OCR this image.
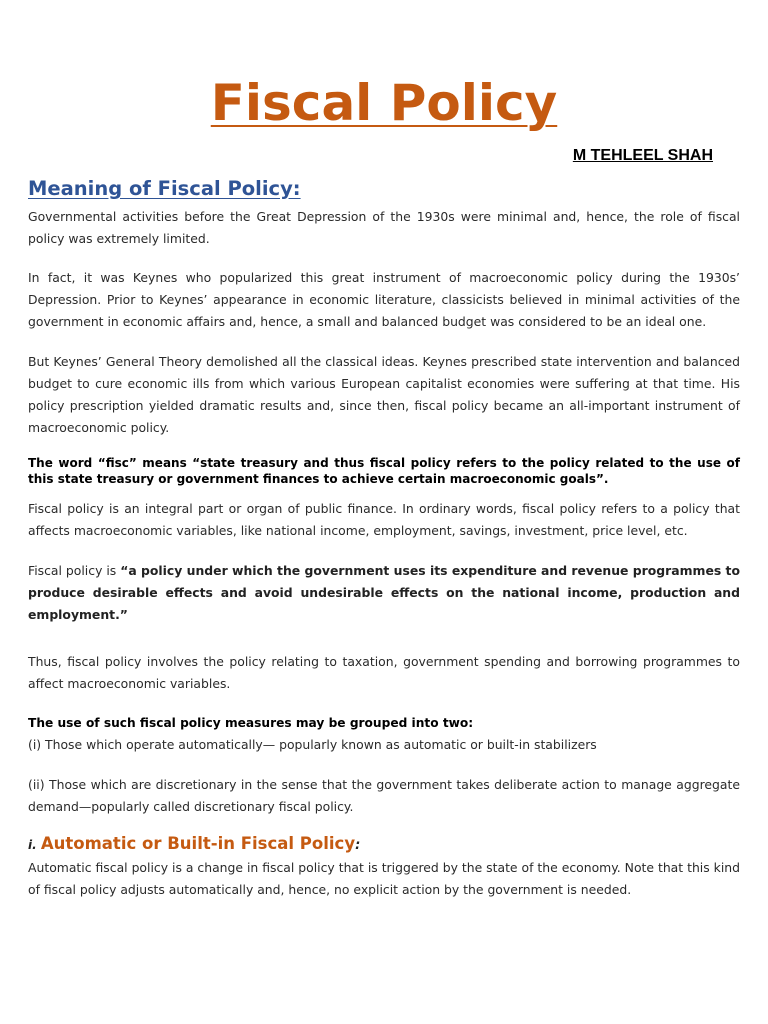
Fiscal Policy

M TEHLEEL SHAH

Meaning of Fiscal Policy:

Governmental activities before the Great Depression of the 1930s were minimal and, hence, the role of fiscal policy was extremely limited.

In fact, it was Keynes who popularized this great instrument of macroeconomic policy during the 1930s’ Depression. Prior to Keynes’ appearance in economic literature, classicists believed in minimal activities of the government in economic affairs and, hence, a small and balanced budget was considered to be an ideal one.

But Keynes’ General Theory demolished all the classical ideas. Keynes prescribed state intervention and balanced budget to cure economic ills from which various European capitalist economies were suffering at that time. His policy prescription yielded dramatic results and, since then, fiscal policy became an all-important instrument of macroeconomic policy.

The word “fisc” means “state treasury and thus fiscal policy refers to the policy related to the use of this state treasury or government finances to achieve certain macroeconomic goals”.

Fiscal policy is an integral part or organ of public finance. In ordinary words, fiscal policy refers to a policy that affects macroeconomic variables, like national income, employment, savings, investment, price level, etc.

Fiscal policy is “a policy under which the government uses its expenditure and revenue programmes to produce desirable effects and avoid undesirable effects on the national income, production and employment.”

Thus, fiscal policy involves the policy relating to taxation, government spending and borrowing programmes to affect macroeconomic variables.

The use of such fiscal policy measures may be grouped into two:

(i) Those which operate automatically— popularly known as automatic or built-in stabilizers

(ii) Those which are discretionary in the sense that the government takes deliberate action to manage aggregate demand—popularly called discretionary fiscal policy.

i. Automatic or Built-in Fiscal Policy:

Automatic fiscal policy is a change in fiscal policy that is triggered by the state of the economy. Note that this kind of fiscal policy adjusts automatically and, hence, no explicit action by the government is needed.
